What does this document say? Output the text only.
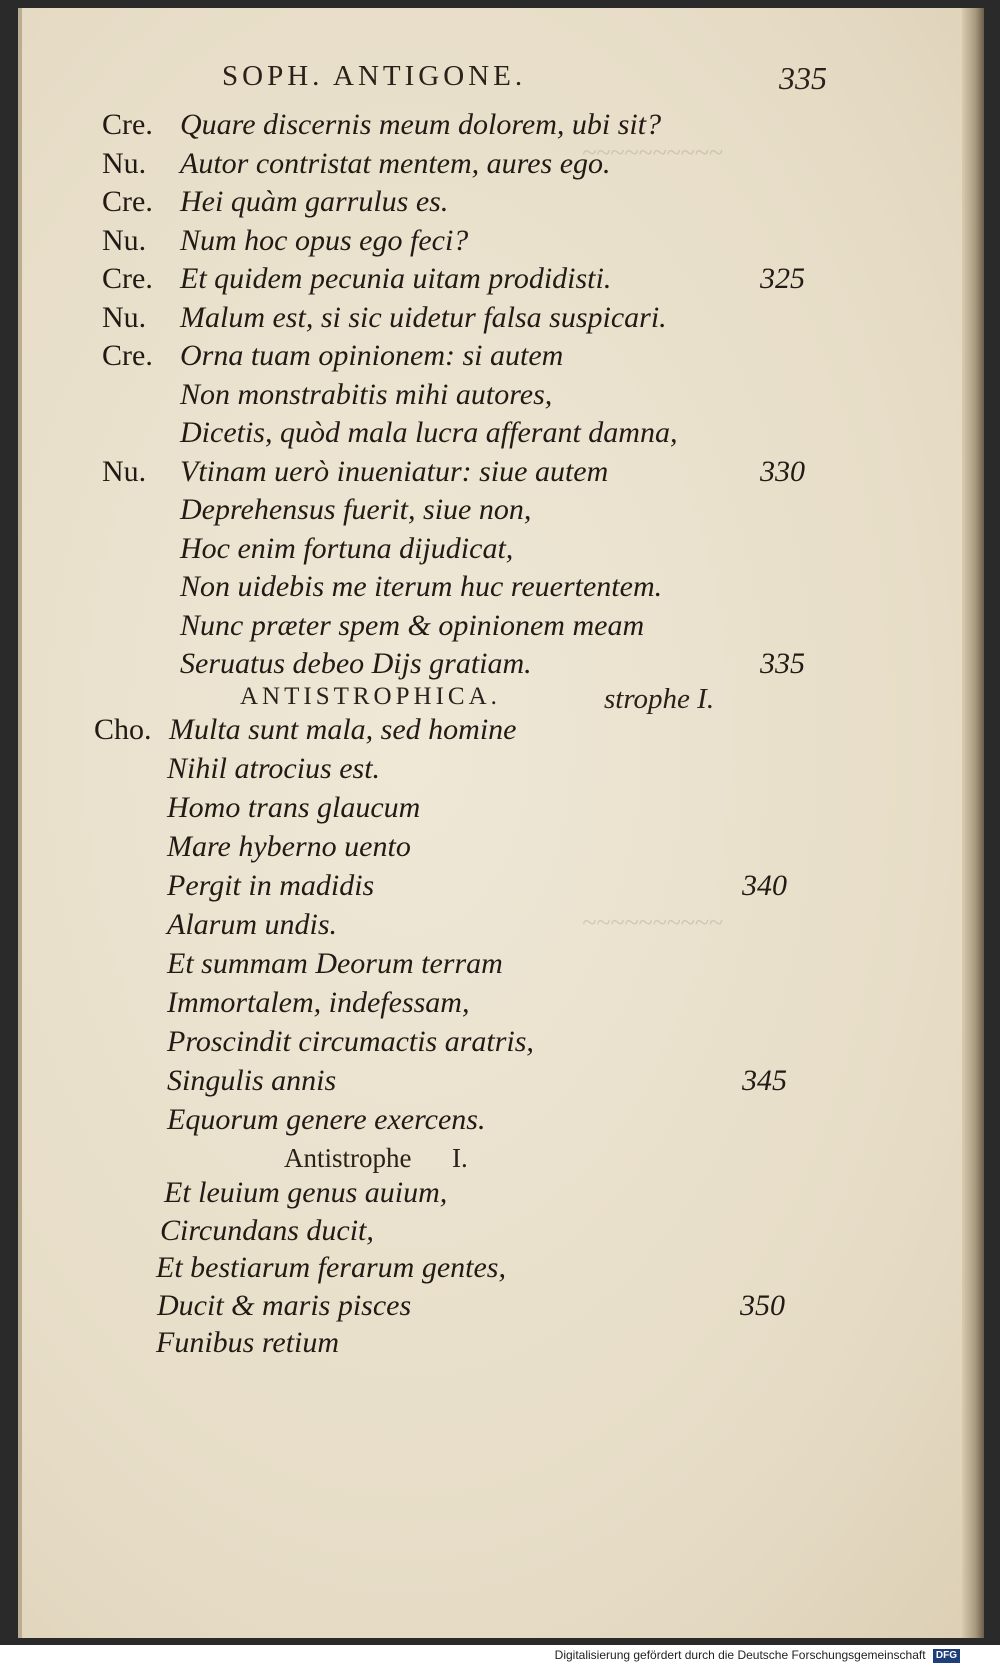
~~~~~~~~~~
~~~~~~~~~~
SOPH. ANTIGONE.	335
Cre. Quare discernis meum dolorem, ubi sit?
Nu. Autor contristat mentem, aures ego.
Cre. Hei quàm garrulus es.
Nu. Num hoc opus ego feci?
Cre. Et quidem pecunia uitam prodidisti.	325
Nu. Malum est, si sic uidetur falsa suspicari.
Cre. Orna tuam opinionem: si autem
Non monstrabitis mihi autores,
Dicetis, quòd mala lucra afferant damna,
Nu. Vtinam uerò inueniatur: siue autem	330
Deprehensus fuerit, siue non,
Hoc enim fortuna dijudicat,
Non uidebis me iterum huc reuertentem.
Nunc præter spem & opinionem meam
Seruatus debeo Dijs gratiam.	335
ANTISTROPHICA.	strophe I.
Cho. Multa sunt mala, sed homine
Nihil atrocius est.
Homo trans glaucum
Mare hyberno uento
Pergit in madidis	340
Alarum undis.
Et summam Deorum terram
Immortalem, indefessam,
Proscindit circumactis aratris,
Singulis annis	345
Equorum genere exercens.
Antistrophe I.
Et leuium genus auium,
Circundans ducit,
Et bestiarum ferarum gentes,
Ducit & maris pisces	350
Funibus retium
Digitalisierung gefördert durch die Deutsche Forschungsgemeinschaft DFG
